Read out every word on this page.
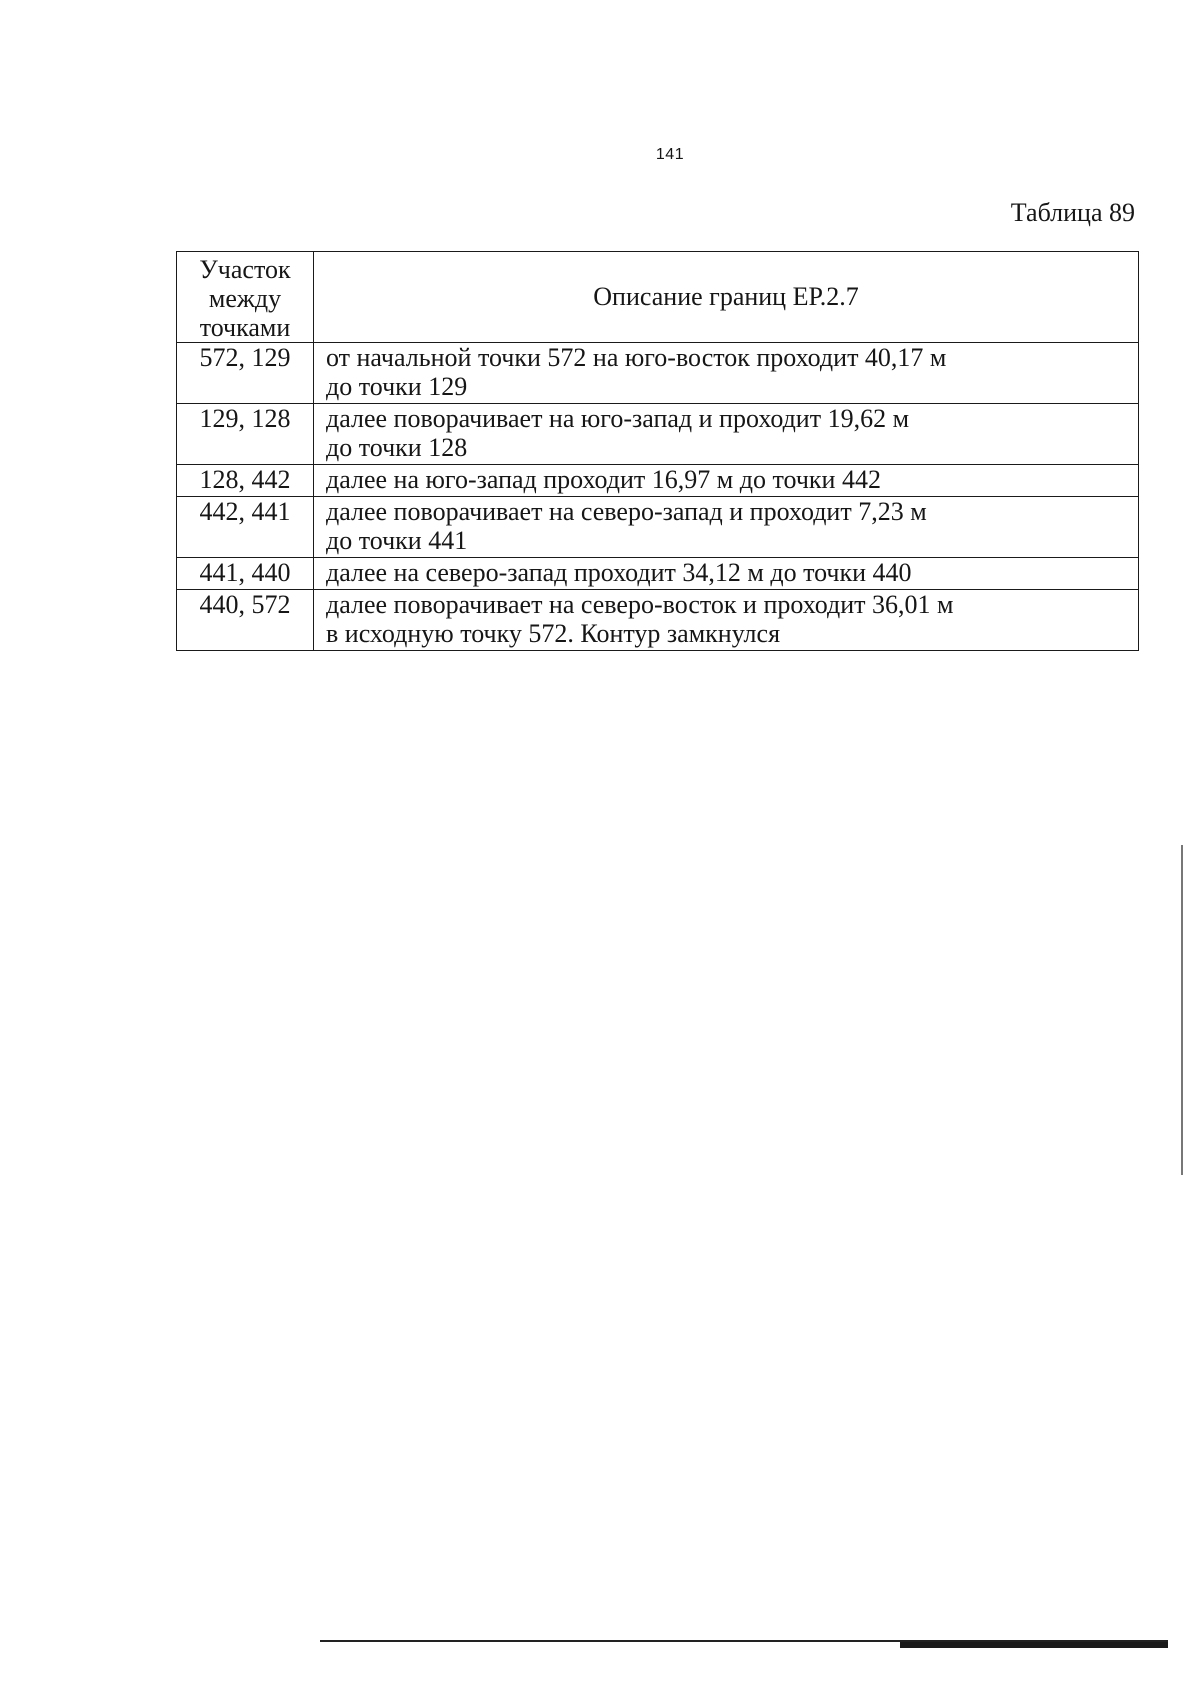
141
Таблица 89
Участок
между
точками	Описание границ ЕР.2.7
572, 129	от начальной точки 572 на юго-восток проходит 40,17 м
до точки 129

129, 128	далее поворачивает на юго-запад и проходит 19,62 м
до точки 128

128, 442	далее на юго-запад проходит 16,97 м до точки 442

442, 441	далее поворачивает на северо-запад и проходит 7,23 м
до точки 441

441, 440	далее на северо-запад проходит 34,12 м до точки 440

440, 572	далее поворачивает на северо-восток и проходит 36,01 м
в исходную точку 572. Контур замкнулся
